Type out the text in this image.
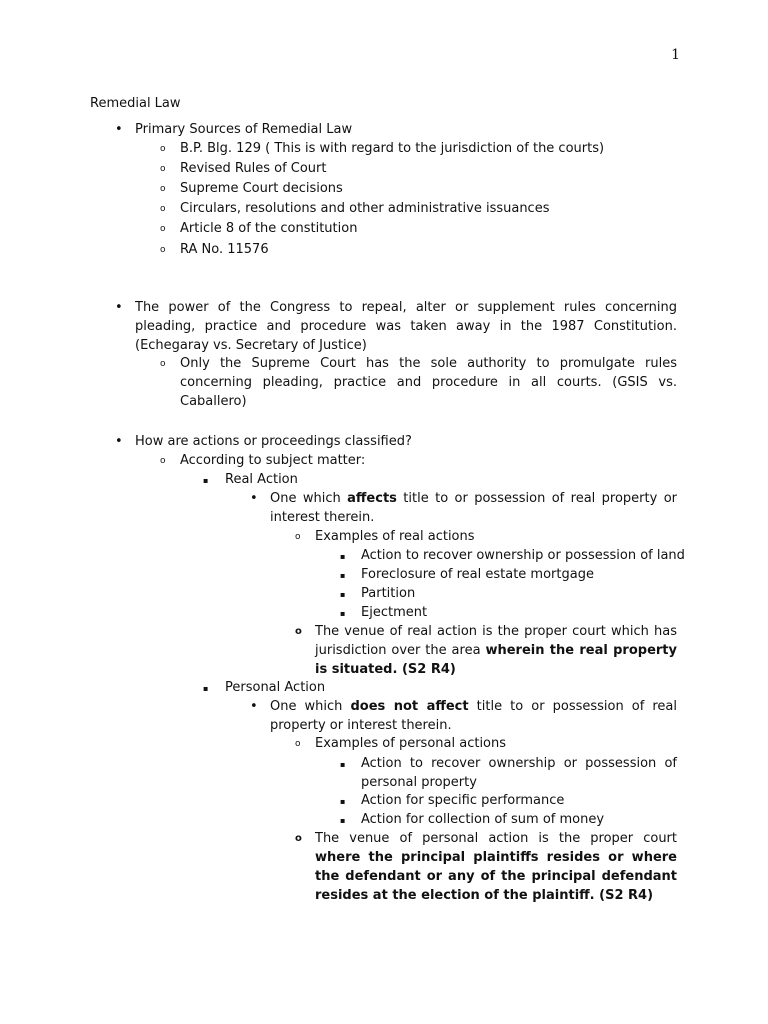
1
Remedial Law
• Primary Sources of Remedial Law
o B.P. Blg. 129 ( This is with regard to the jurisdiction of the courts)
o Revised Rules of Court
o Supreme Court decisions
o Circulars, resolutions and other administrative issuances
o Article 8 of the constitution
o RA No. 11576
• The power of the Congress to repeal, alter or supplement rules concerning pleading, practice and procedure was taken away in the 1987 Constitution. (Echegaray vs. Secretary of Justice)
o Only the Supreme Court has the sole authority to promulgate rules concerning pleading, practice and procedure in all courts. (GSIS vs. Caballero)
• How are actions or proceedings classified?
o According to subject matter:
▪ Real Action
• One which affects title to or possession of real property or interest therein.
o Examples of real actions
▪ Action to recover ownership or possession of land
▪ Foreclosure of real estate mortgage
▪ Partition
▪ Ejectment
o The venue of real action is the proper court which has jurisdiction over the area wherein the real property is situated. (S2 R4)
▪ Personal Action
• One which does not affect title to or possession of real property or interest therein.
o Examples of personal actions
▪ Action to recover ownership or possession of personal property
▪ Action for specific performance
▪ Action for collection of sum of money
o The venue of personal action is the proper court where the principal plaintiffs resides or where the defendant or any of the principal defendant resides at the election of the plaintiff. (S2 R4)
